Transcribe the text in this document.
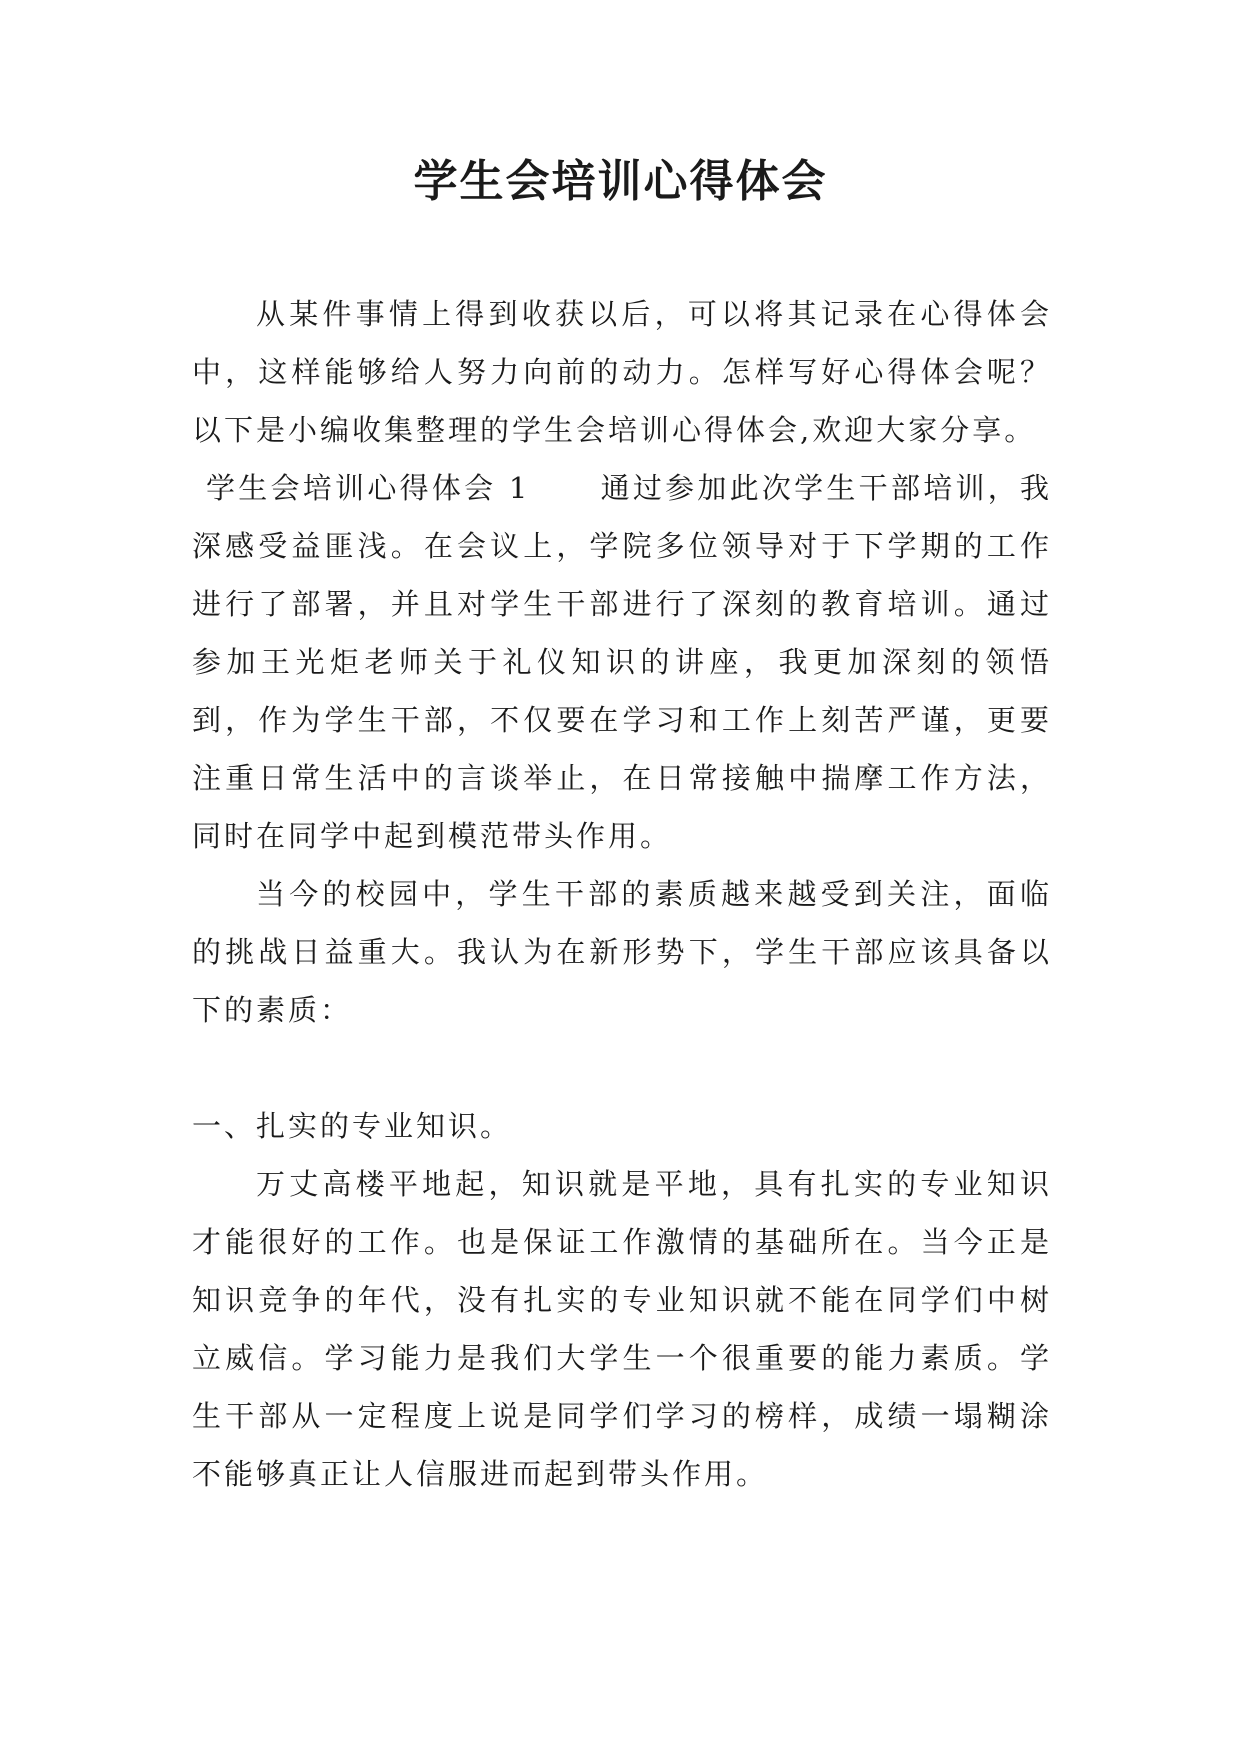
学生会培训心得体会

从某件事情上得到收获以后，可以将其记录在心得体会中，这样能够给人努力向前的动力。怎样写好心得体会呢？以下是小编收集整理的学生会培训心得体会,欢迎大家分享。

学生会培训心得体会 1 通过参加此次学生干部培训，我深感受益匪浅。在会议上，学院多位领导对于下学期的工作进行了部署，并且对学生干部进行了深刻的教育培训。通过参加王光炬老师关于礼仪知识的讲座，我更加深刻的领悟到，作为学生干部，不仅要在学习和工作上刻苦严谨，更要注重日常生活中的言谈举止，在日常接触中揣摩工作方法，同时在同学中起到模范带头作用。

当今的校园中，学生干部的素质越来越受到关注，面临的挑战日益重大。我认为在新形势下，学生干部应该具备以下的素质：

一、扎实的专业知识。

万丈高楼平地起，知识就是平地，具有扎实的专业知识才能很好的工作。也是保证工作激情的基础所在。当今正是知识竞争的年代，没有扎实的专业知识就不能在同学们中树立威信。学习能力是我们大学生一个很重要的能力素质。学生干部从一定程度上说是同学们学习的榜样，成绩一塌糊涂不能够真正让人信服进而起到带头作用。
